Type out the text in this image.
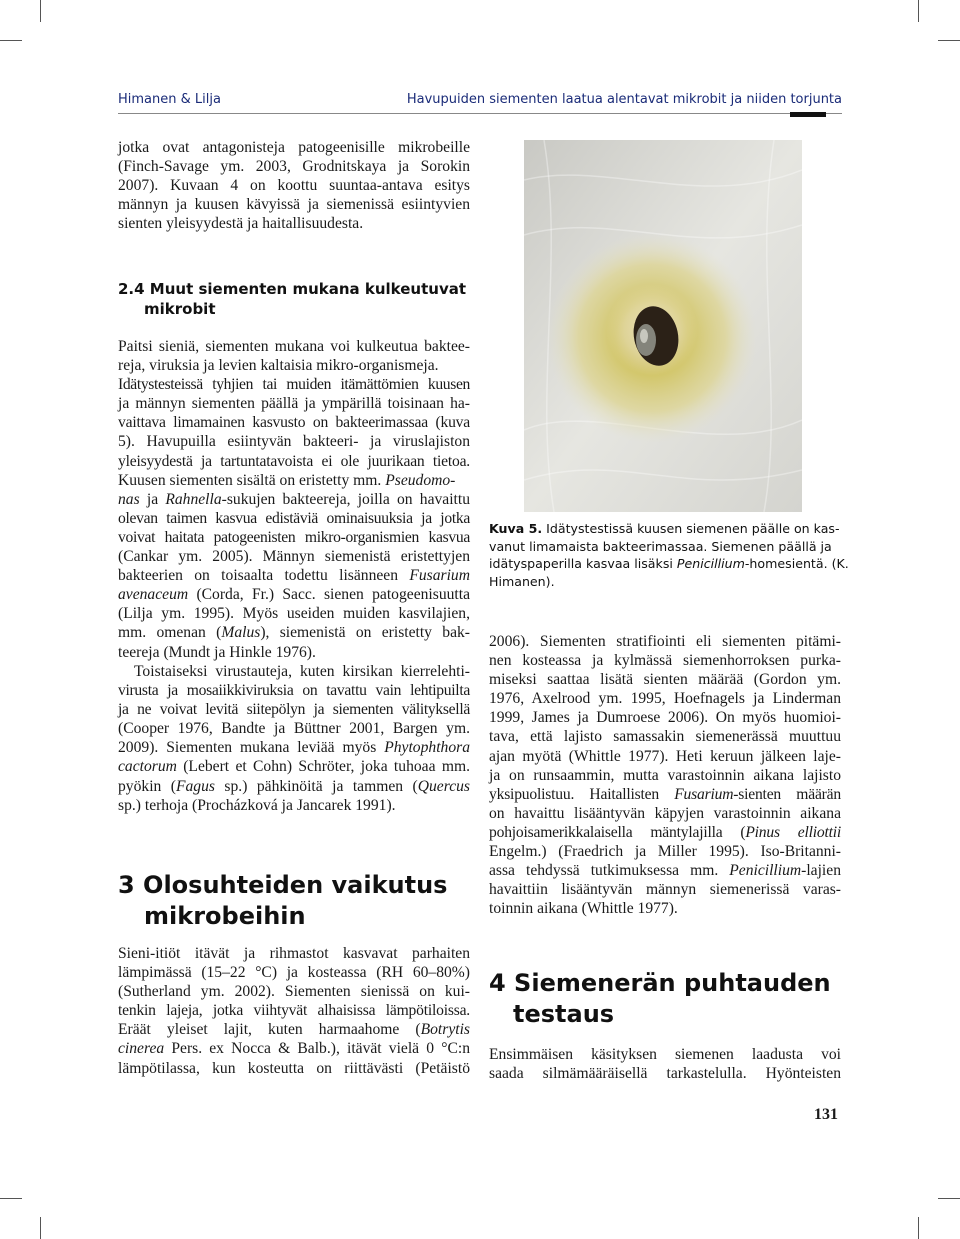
Himanen & Lilja	Havupuiden siementen laatua alentavat mikrobit ja niiden torjunta
jotka ovat antagonisteja patogeenisille mikrobeille
(Finch-Savage ym. 2003, Grodnitskaya ja Sorokin
2007). Kuvaan 4 on koottu suuntaa-antava esitys
männyn ja kuusen kävyissä ja siemenissä esiintyvien
sienten yleisyydestä ja haitallisuudesta.
2.4 Muut siementen mukana kulkeutuvat
mikrobit
Paitsi sieniä, siementen mukana voi kulkeutua baktee-
reja, viruksia ja levien kaltaisia mikro-organismeja.
Idätystesteissä tyhjien tai muiden itämättömien kuusen
ja männyn siementen päällä ja ympärillä toisinaan ha-
vaittava limamainen kasvusto on bakteerimassaa (kuva
5). Havupuilla esiintyvän bakteeri- ja viruslajiston
yleisyydestä ja tartuntatavoista ei ole juurikaan tietoa.
Kuusen siementen sisältä on eristetty mm. Pseudomo-
nas ja Rahnella-sukujen bakteereja, joilla on havaittu
olevan taimen kasvua edistäviä ominaisuuksia ja jotka
voivat haitata patogeenisten mikro-organismien kasvua
(Cankar ym. 2005). Männyn siemenistä eristettyjen
bakteerien on toisaalta todettu lisänneen Fusarium
avenaceum (Corda, Fr.) Sacc. sienen patogeenisuutta
(Lilja ym. 1995). Myös useiden muiden kasvilajien,
mm. omenan (Malus), siemenistä on eristetty bak-
teereja (Mundt ja Hinkle 1976).
Toistaiseksi virustauteja, kuten kirsikan kierrelehti-
virusta ja mosaiikkiviruksia on tavattu vain lehtipuilta
ja ne voivat levitä siitepölyn ja siementen välityksellä
(Cooper 1976, Bandte ja Büttner 2001, Bargen ym.
2009). Siementen mukana leviää myös Phytophthora
cactorum (Lebert et Cohn) Schröter, joka tuhoaa mm.
pyökin (Fagus sp.) pähkinöitä ja tammen (Quercus
sp.) terhoja (Procházková ja Jancarek 1991).
3 Olosuhteiden vaikutus
mikrobeihin
Sieni-itiöt itävät ja rihmastot kasvavat parhaiten
lämpimässä (15–22 °C) ja kosteassa (RH 60–80%)
(Sutherland ym. 2002). Siementen sienissä on kui-
tenkin lajeja, jotka viihtyvät alhaisissa lämpötiloissa.
Eräät yleiset lajit, kuten harmaahome (Botrytis
cinerea Pers. ex Nocca & Balb.), itävät vielä 0 °C:n
lämpötilassa, kun kosteutta on riittävästi (Petäistö
Kuva 5. Idätystestissä kuusen siemenen päälle on kas-
vanut limamaista bakteerimassaa. Siemenen päällä ja
idätyspaperilla kasvaa lisäksi Penicillium-homesientä. (K.
Himanen).
2006). Siementen stratifiointi eli siementen pitämi-
nen kosteassa ja kylmässä siemenhorroksen purka-
miseksi saattaa lisätä sienten määrää (Gordon ym.
1976, Axelrood ym. 1995, Hoefnagels ja Linderman
1999, James ja Dumroese 2006). On myös huomioi-
tava, että lajisto samassakin siemenerässä muuttuu
ajan myötä (Whittle 1977). Heti keruun jälkeen laje-
ja on runsaammin, mutta varastoinnin aikana lajisto
yksipuolistuu. Haitallisten Fusarium-sienten määrän
on havaittu lisääntyvän käpyjen varastoinnin aikana
pohjoisamerikkalaisella mäntylajilla (Pinus elliottii
Engelm.) (Fraedrich ja Miller 1995). Iso-Britanni-
assa tehdyssä tutkimuksessa mm. Penicillium-lajien
havaittiin lisääntyvän männyn siemenerissä varas-
toinnin aikana (Whittle 1977).
4 Siemenerän puhtauden
testaus
Ensimmäisen käsityksen siemenen laadusta voi
saada silmämääräisellä tarkastelulla. Hyönteisten
131
